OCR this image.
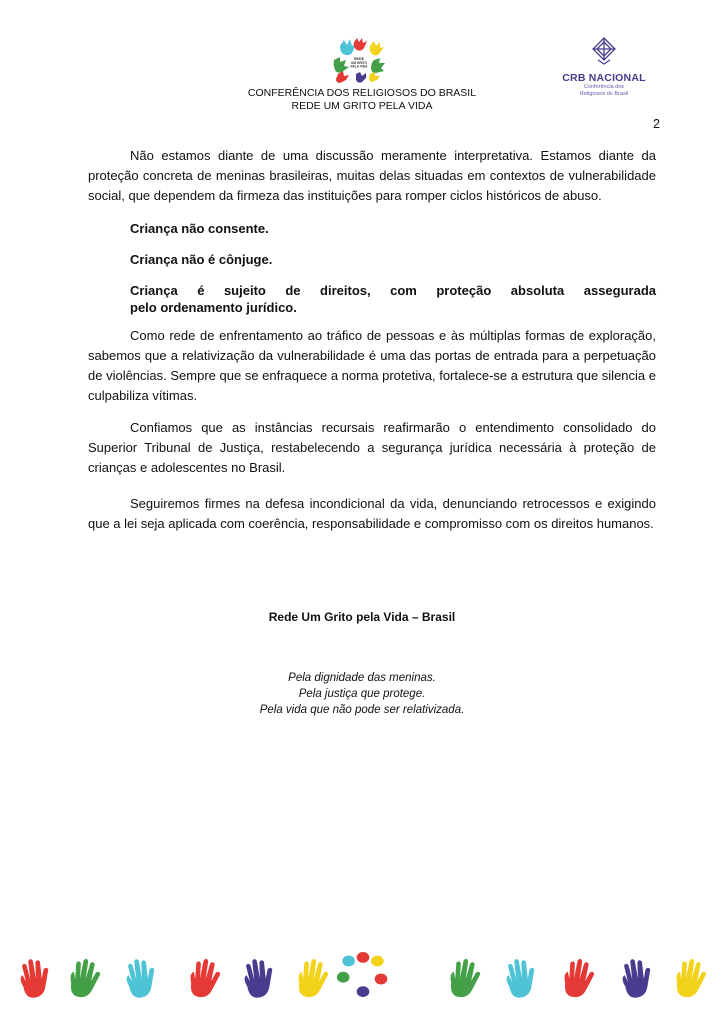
REDE
UM GRITO
PELA VIDA
CRB NACIONAL
Conferência dos
Religiosos do Brasil
CONFERÊNCIA DOS RELIGIOSOS DO BRASIL
REDE UM GRITO PELA VIDA
2

Não estamos diante de uma discussão meramente interpretativa. Estamos diante da proteção concreta de meninas brasileiras, muitas delas situadas em contextos de vulnerabilidade social, que dependem da firmeza das instituições para romper ciclos históricos de abuso.

Criança não consente.

Criança não é cônjuge.

Criança é sujeito de direitos, com proteção absoluta assegurada

pelo ordenamento jurídico.

Como rede de enfrentamento ao tráfico de pessoas e às múltiplas formas de exploração, sabemos que a relativização da vulnerabilidade é uma das portas de entrada para a perpetuação de violências. Sempre que se enfraquece a norma protetiva, fortalece-se a estrutura que silencia e culpabiliza vítimas.

Confiamos que as instâncias recursais reafirmarão o entendimento consolidado do Superior Tribunal de Justiça, restabelecendo a segurança jurídica necessária à proteção de crianças e adolescentes no Brasil.

Seguiremos firmes na defesa incondicional da vida, denunciando retrocessos e exigindo que a lei seja aplicada com coerência, responsabilidade e compromisso com os direitos humanos.

Rede Um Grito pela Vida – Brasil
Pela dignidade das meninas.
Pela justiça que protege.
Pela vida que não pode ser relativizada.
